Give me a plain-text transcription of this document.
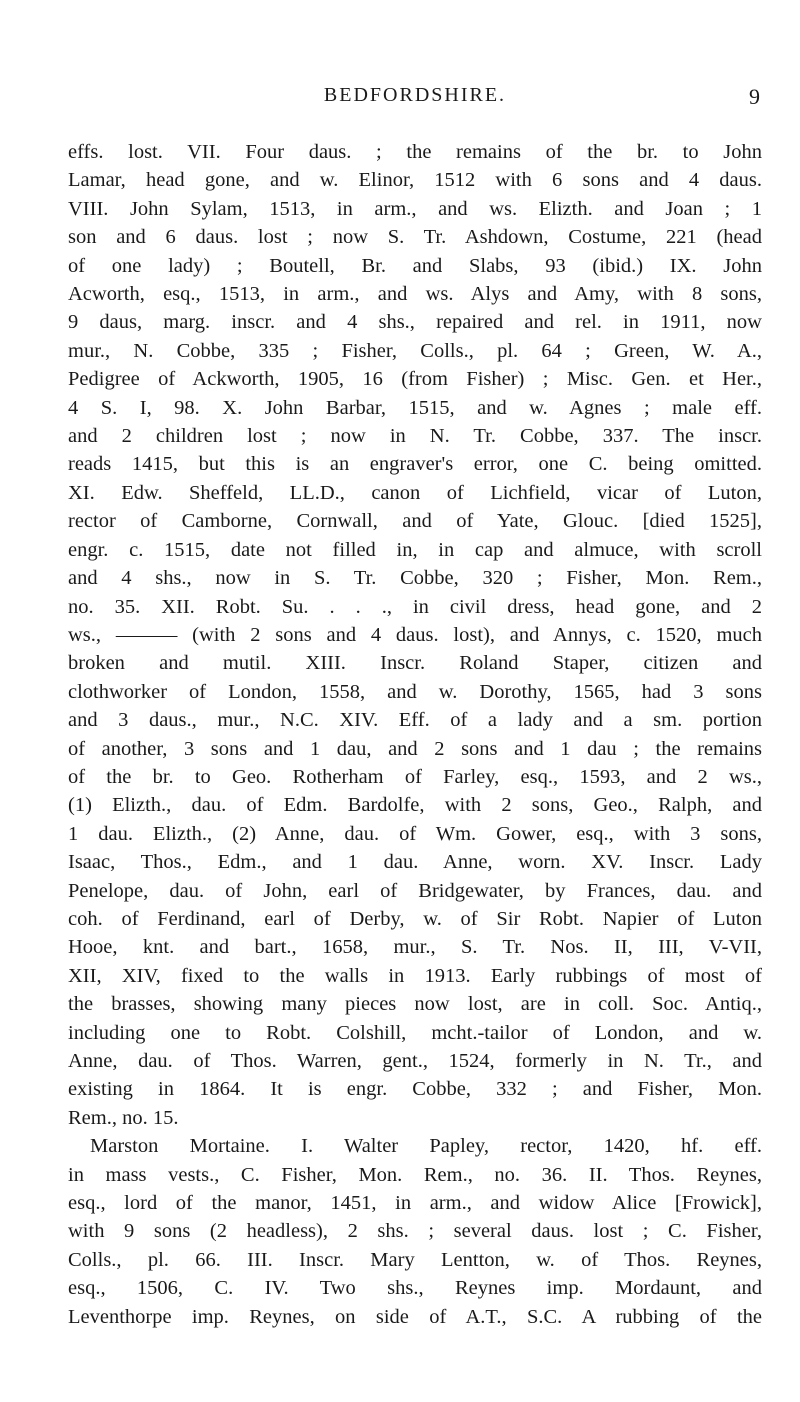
BEDFORDSHIRE.	9
effs. lost. VII. Four daus. ; the remains of the br. to John
Lamar, head gone, and w. Elinor, 1512 with 6 sons and 4 daus.
VIII. John Sylam, 1513, in arm., and ws. Elizth. and Joan ; 1
son and 6 daus. lost ; now S. Tr. Ashdown, Costume, 221 (head
of one lady) ; Boutell, Br. and Slabs, 93 (ibid.) IX. John
Acworth, esq., 1513, in arm., and ws. Alys and Amy, with 8 sons,
9 daus, marg. inscr. and 4 shs., repaired and rel. in 1911, now
mur., N. Cobbe, 335 ; Fisher, Colls., pl. 64 ; Green, W. A.,
Pedigree of Ackworth, 1905, 16 (from Fisher) ; Misc. Gen. et Her.,
4 S. I, 98. X. John Barbar, 1515, and w. Agnes ; male eff.
and 2 children lost ; now in N. Tr. Cobbe, 337. The inscr.
reads 1415, but this is an engraver's error, one C. being omitted.
XI. Edw. Sheffeld, LL.D., canon of Lichfield, vicar of Luton,
rector of Camborne, Cornwall, and of Yate, Glouc. [died 1525],
engr. c. 1515, date not filled in, in cap and almuce, with scroll
and 4 shs., now in S. Tr. Cobbe, 320 ; Fisher, Mon. Rem.,
no. 35. XII. Robt. Su. . . ., in civil dress, head gone, and 2
ws., ——— (with 2 sons and 4 daus. lost), and Annys, c. 1520, much
broken and mutil. XIII. Inscr. Roland Staper, citizen and
clothworker of London, 1558, and w. Dorothy, 1565, had 3 sons
and 3 daus., mur., N.C. XIV. Eff. of a lady and a sm. portion
of another, 3 sons and 1 dau, and 2 sons and 1 dau ; the remains
of the br. to Geo. Rotherham of Farley, esq., 1593, and 2 ws.,
(1) Elizth., dau. of Edm. Bardolfe, with 2 sons, Geo., Ralph, and
1 dau. Elizth., (2) Anne, dau. of Wm. Gower, esq., with 3 sons,
Isaac, Thos., Edm., and 1 dau. Anne, worn. XV. Inscr. Lady
Penelope, dau. of John, earl of Bridgewater, by Frances, dau. and
coh. of Ferdinand, earl of Derby, w. of Sir Robt. Napier of Luton
Hooe, knt. and bart., 1658, mur., S. Tr. Nos. II, III, V-VII,
XII, XIV, fixed to the walls in 1913. Early rubbings of most of
the brasses, showing many pieces now lost, are in coll. Soc. Antiq.,
including one to Robt. Colshill, mcht.-tailor of London, and w.
Anne, dau. of Thos. Warren, gent., 1524, formerly in N. Tr., and
existing in 1864. It is engr. Cobbe, 332 ; and Fisher, Mon.
Rem., no. 15.
Marston Mortaine. I. Walter Papley, rector, 1420, hf. eff.
in mass vests., C. Fisher, Mon. Rem., no. 36. II. Thos. Reynes,
esq., lord of the manor, 1451, in arm., and widow Alice [Frowick],
with 9 sons (2 headless), 2 shs. ; several daus. lost ; C. Fisher,
Colls., pl. 66. III. Inscr. Mary Lentton, w. of Thos. Reynes,
esq., 1506, C. IV. Two shs., Reynes imp. Mordaunt, and
Leventhorpe imp. Reynes, on side of A.T., S.C. A rubbing of the
